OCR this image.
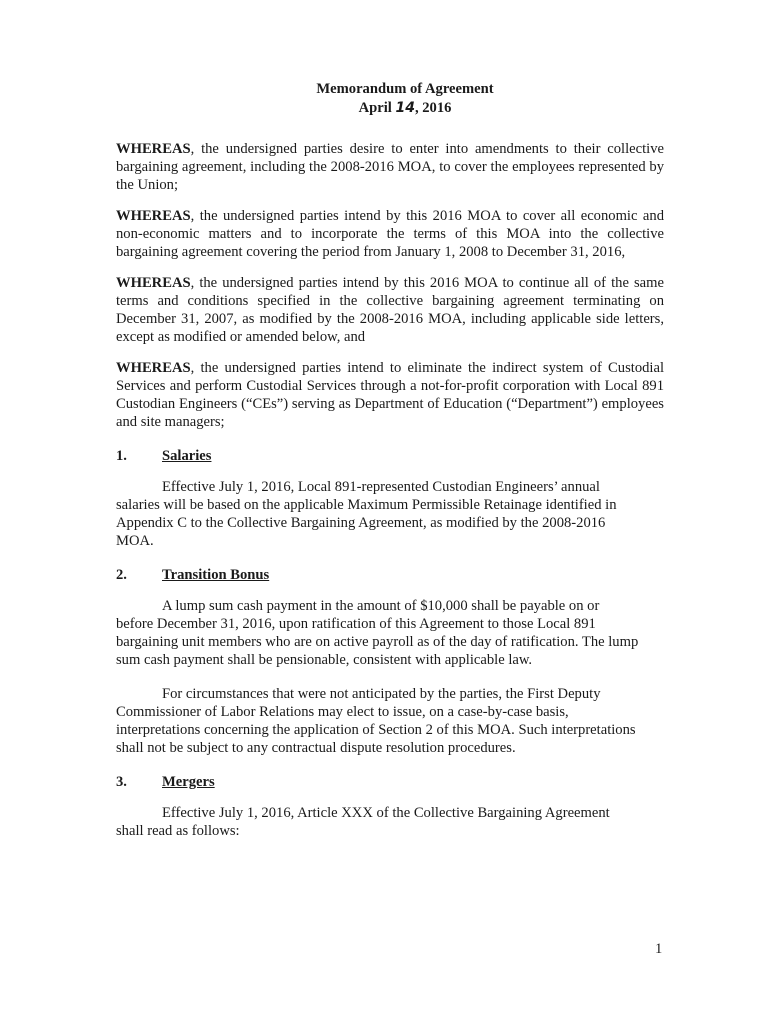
Memorandum of Agreement
April 14, 2016

WHEREAS, the undersigned parties desire to enter into amendments to their collective bargaining agreement, including the 2008-2016 MOA, to cover the employees represented by the Union;

WHEREAS, the undersigned parties intend by this 2016 MOA to cover all economic and non-economic matters and to incorporate the terms of this MOA into the collective bargaining agreement covering the period from January 1, 2008 to December 31, 2016,

WHEREAS, the undersigned parties intend by this 2016 MOA to continue all of the same terms and conditions specified in the collective bargaining agreement terminating on December 31, 2007, as modified by the 2008-2016 MOA, including applicable side letters, except as modified or amended below, and

WHEREAS, the undersigned parties intend to eliminate the indirect system of Custodial Services and perform Custodial Services through a not-for-profit corporation with Local 891 Custodian Engineers (“CEs”) serving as Department of Education (“Department”) employees and site managers;

1.	Salaries

Effective July 1, 2016, Local 891-represented Custodian Engineers’ annual salaries will be based on the applicable Maximum Permissible Retainage identified in Appendix C to the Collective Bargaining Agreement, as modified by the 2008-2016 MOA.

2.	Transition Bonus

A lump sum cash payment in the amount of $10,000 shall be payable on or before December 31, 2016, upon ratification of this Agreement to those Local 891 bargaining unit members who are on active payroll as of the day of ratification. The lump sum cash payment shall be pensionable, consistent with applicable law.

For circumstances that were not anticipated by the parties, the First Deputy Commissioner of Labor Relations may elect to issue, on a case-by-case basis, interpretations concerning the application of Section 2 of this MOA. Such interpretations shall not be subject to any contractual dispute resolution procedures.

3.	Mergers

Effective July 1, 2016, Article XXX of the Collective Bargaining Agreement shall read as follows:

1
